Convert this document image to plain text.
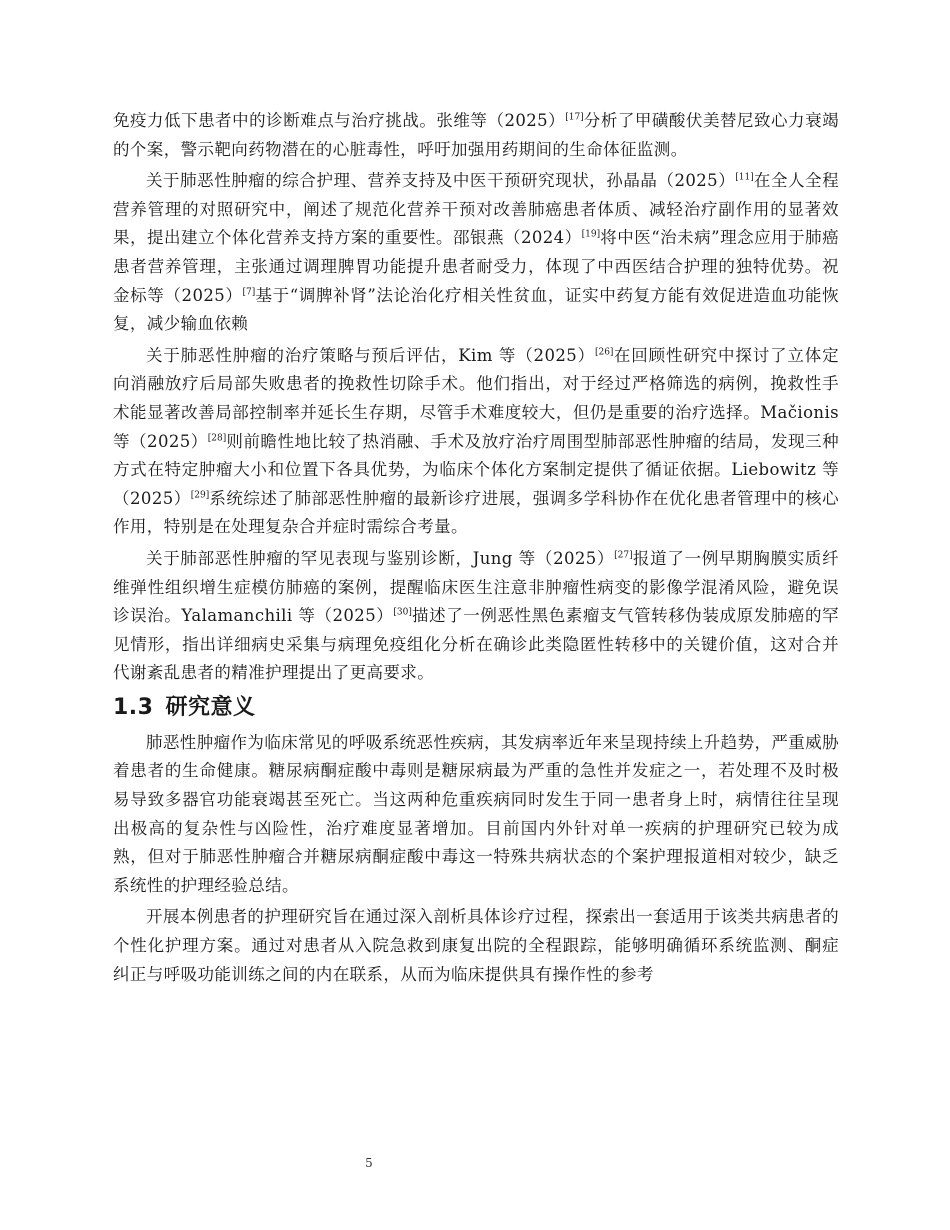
免疫力低下患者中的诊断难点与治疗挑战。张维等（2025）[17]分析了甲磺酸伏美替尼致心力衰竭的个案，警示靶向药物潜在的心脏毒性，呼吁加强用药期间的生命体征监测。

关于肺恶性肿瘤的综合护理、营养支持及中医干预研究现状，孙晶晶（2025）[11]在全人全程营养管理的对照研究中，阐述了规范化营养干预对改善肺癌患者体质、减轻治疗副作用的显著效果，提出建立个体化营养支持方案的重要性。邵银燕（2024）[19]将中医“治未病”理念应用于肺癌患者营养管理，主张通过调理脾胃功能提升患者耐受力，体现了中西医结合护理的独特优势。祝金标等（2025）[7]基于“调脾补肾”法论治化疗相关性贫血，证实中药复方能有效促进造血功能恢复，减少输血依赖

关于肺恶性肿瘤的治疗策略与预后评估，Kim 等（2025）[26]在回顾性研究中探讨了立体定向消融放疗后局部失败患者的挽救性切除手术。他们指出，对于经过严格筛选的病例，挽救性手术能显著改善局部控制率并延长生存期，尽管手术难度较大，但仍是重要的治疗选择。Mačionis 等（2025）[28]则前瞻性地比较了热消融、手术及放疗治疗周围型肺部恶性肿瘤的结局，发现三种方式在特定肿瘤大小和位置下各具优势，为临床个体化方案制定提供了循证依据。Liebowitz 等（2025）[29]系统综述了肺部恶性肿瘤的最新诊疗进展，强调多学科协作在优化患者管理中的核心作用，特别是在处理复杂合并症时需综合考量。

关于肺部恶性肿瘤的罕见表现与鉴别诊断，Jung 等（2025）[27]报道了一例早期胸膜实质纤维弹性组织增生症模仿肺癌的案例，提醒临床医生注意非肿瘤性病变的影像学混淆风险，避免误诊误治。Yalamanchili 等（2025）[30]描述了一例恶性黑色素瘤支气管转移伪装成原发肺癌的罕见情形，指出详细病史采集与病理免疫组化分析在确诊此类隐匿性转移中的关键价值，这对合并代谢紊乱患者的精准护理提出了更高要求。

1.3 研究意义

肺恶性肿瘤作为临床常见的呼吸系统恶性疾病，其发病率近年来呈现持续上升趋势，严重威胁着患者的生命健康。糖尿病酮症酸中毒则是糖尿病最为严重的急性并发症之一，若处理不及时极易导致多器官功能衰竭甚至死亡。当这两种危重疾病同时发生于同一患者身上时，病情往往呈现出极高的复杂性与凶险性，治疗难度显著增加。目前国内外针对单一疾病的护理研究已较为成熟，但对于肺恶性肿瘤合并糖尿病酮症酸中毒这一特殊共病状态的个案护理报道相对较少，缺乏系统性的护理经验总结。

开展本例患者的护理研究旨在通过深入剖析具体诊疗过程，探索出一套适用于该类共病患者的个性化护理方案。通过对患者从入院急救到康复出院的全程跟踪，能够明确循环系统监测、酮症纠正与呼吸功能训练之间的内在联系，从而为临床提供具有操作性的参考

5
